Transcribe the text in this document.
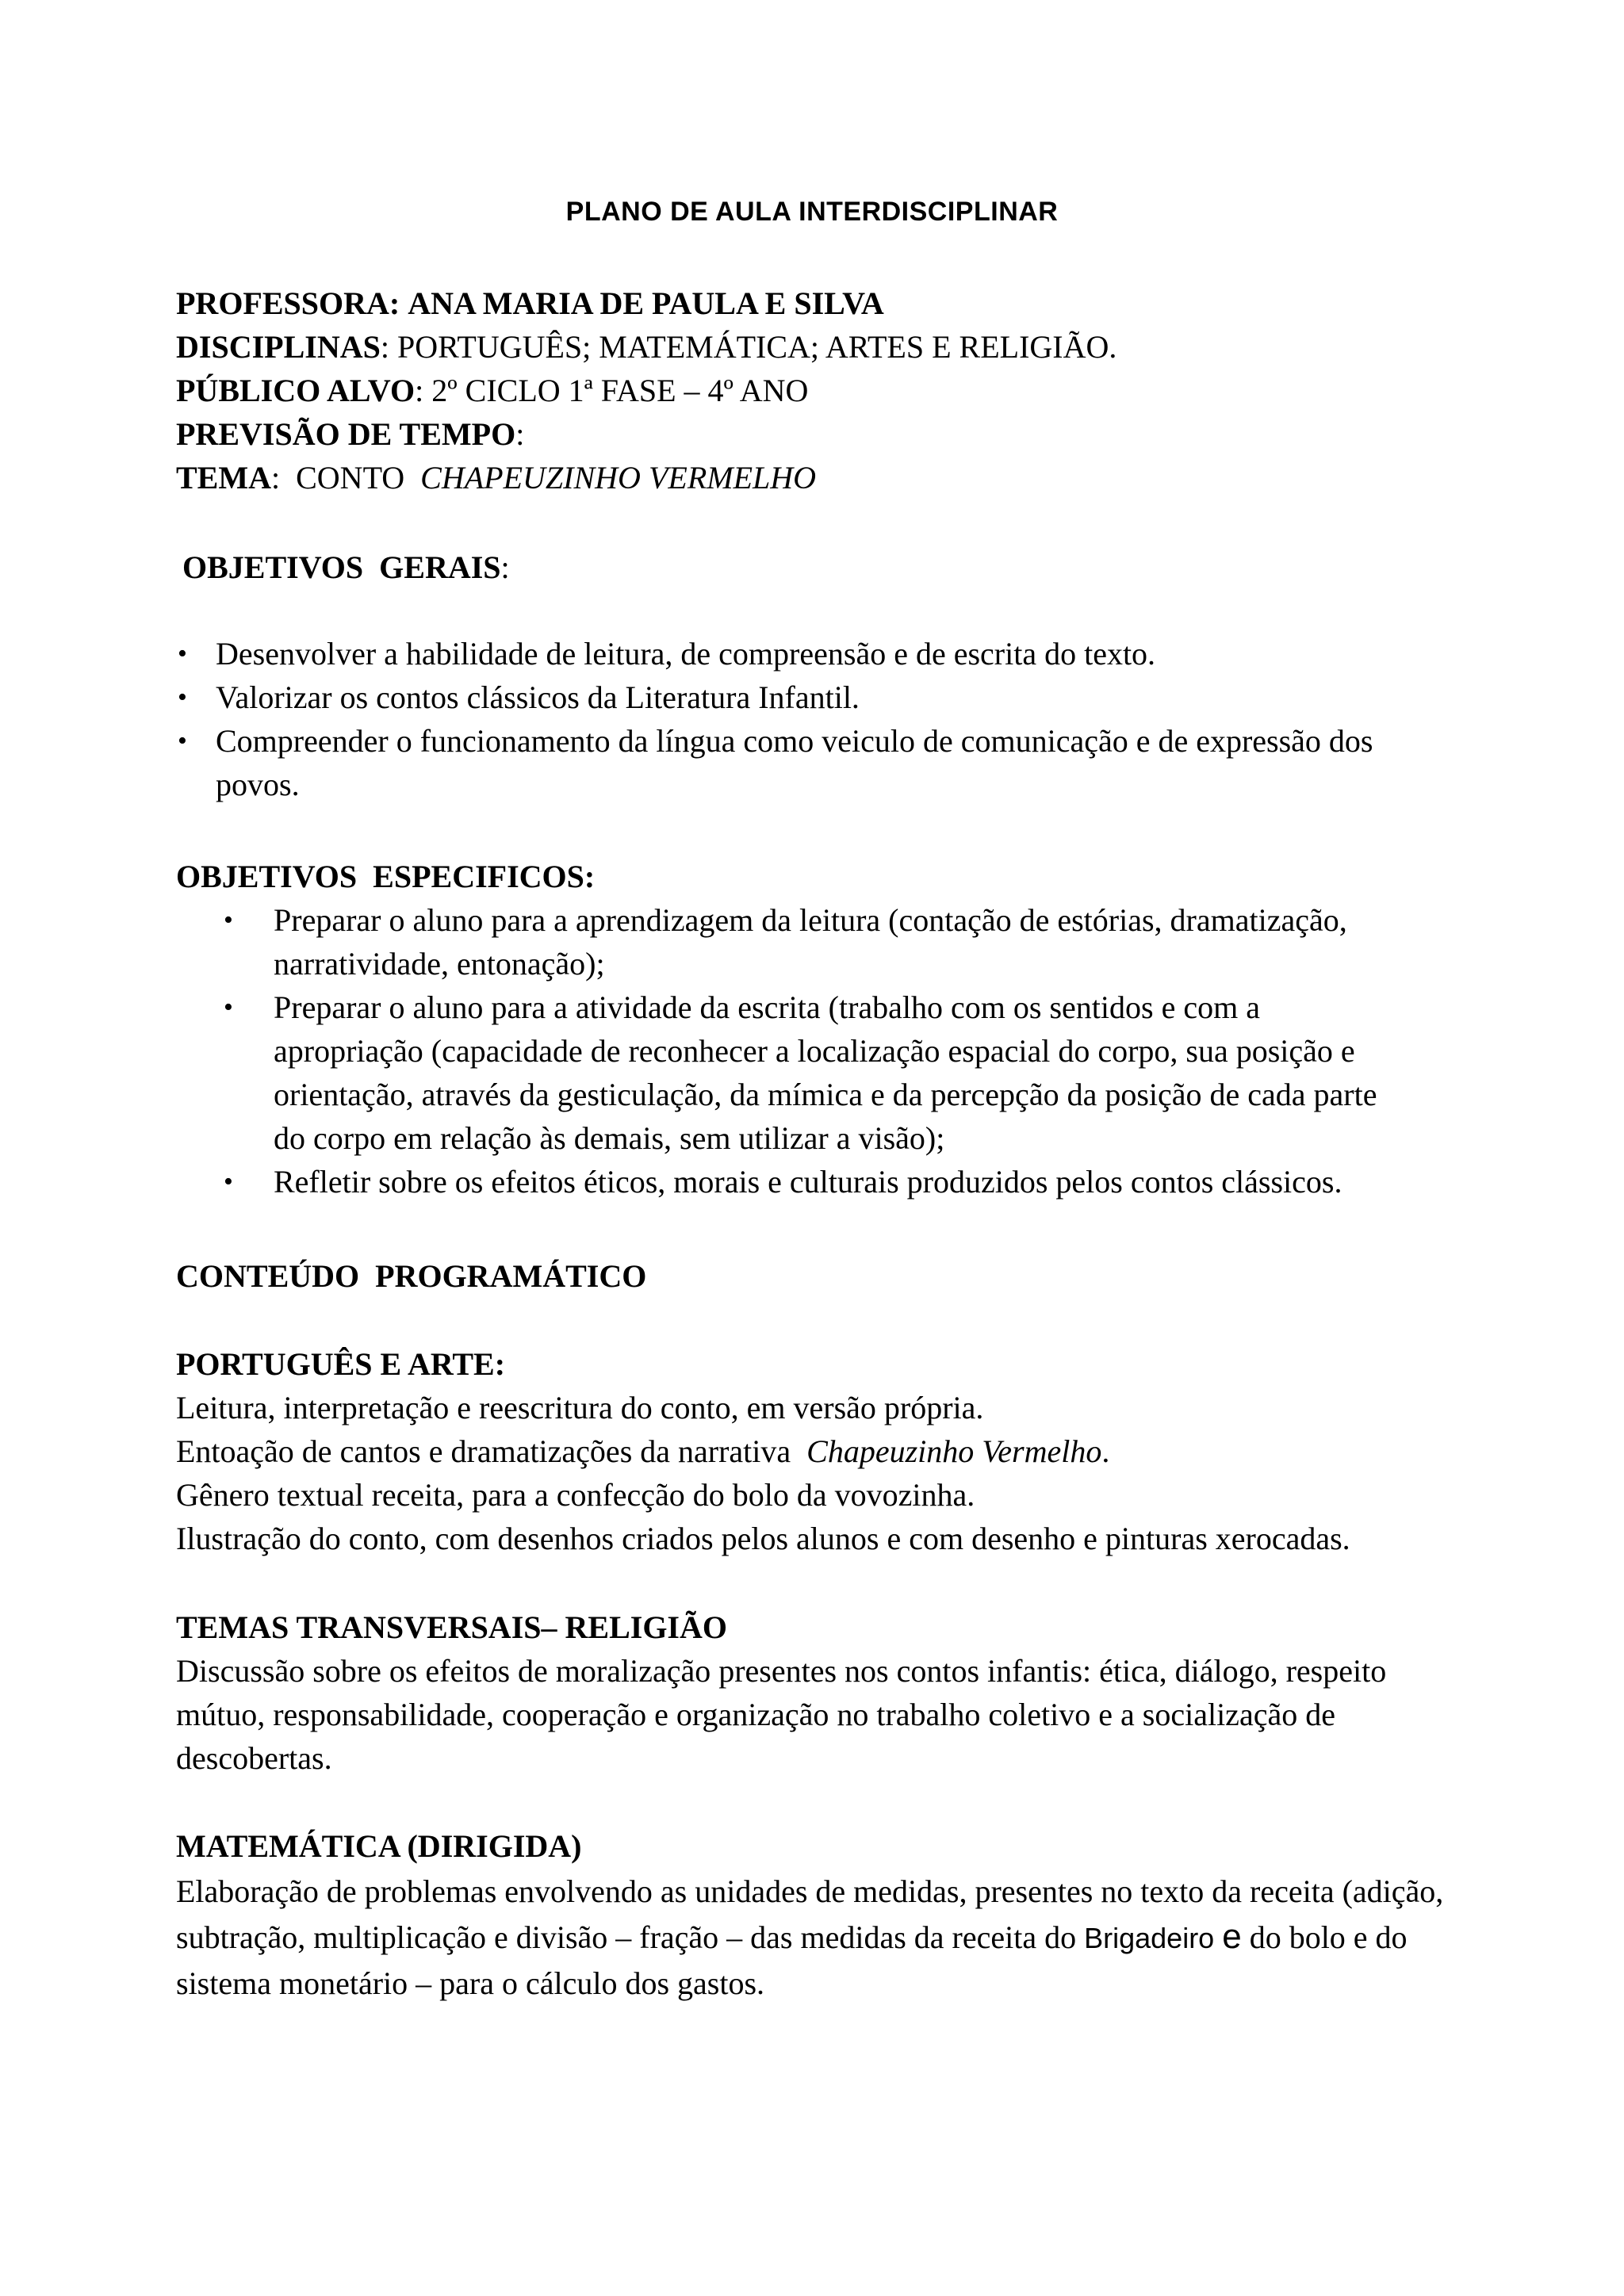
PLANO DE AULA INTERDISCIPLINAR
PROFESSORA: ANA MARIA DE PAULA E SILVA
DISCIPLINAS: PORTUGUÊS; MATEMÁTICA; ARTES E RELIGIÃO.
PÚBLICO ALVO: 2º CICLO 1ª FASE – 4º ANO
PREVISÃO DE TEMPO:
TEMA:  CONTO  CHAPEUZINHO VERMELHO
OBJETIVOS  GERAIS:
• Desenvolver a habilidade de leitura, de compreensão e de escrita do texto.
• Valorizar os contos clássicos da Literatura Infantil.
• Compreender o funcionamento da língua como veiculo de comunicação e de expressão dos povos.
OBJETIVOS  ESPECIFICOS:
• Preparar o aluno para a aprendizagem da leitura (contação de estórias, dramatização, narratividade, entonação);
• Preparar o aluno para a atividade da escrita (trabalho com os sentidos e com a apropriação (capacidade de reconhecer a localização espacial do corpo, sua posição e orientação, através da gesticulação, da mímica e da percepção da posição de cada parte do corpo em relação às demais, sem utilizar a visão);
• Refletir sobre os efeitos éticos, morais e culturais produzidos pelos contos clássicos.
CONTEÚDO  PROGRAMÁTICO
PORTUGUÊS E ARTE:
Leitura, interpretação e reescritura do conto, em versão própria.
Entoação de cantos e dramatizações da narrativa  Chapeuzinho Vermelho.
Gênero textual receita, para a confecção do bolo da vovozinha.
Ilustração do conto, com desenhos criados pelos alunos e com desenho e pinturas xerocadas.
TEMAS TRANSVERSAIS– RELIGIÃO
Discussão sobre os efeitos de moralização presentes nos contos infantis: ética, diálogo, respeito mútuo, responsabilidade, cooperação e organização no trabalho coletivo e a socialização de descobertas.
MATEMÁTICA (DIRIGIDA)
Elaboração de problemas envolvendo as unidades de medidas, presentes no texto da receita (adição, subtração, multiplicação e divisão – fração – das medidas da receita do Brigadeiro e do bolo e do sistema monetário – para o cálculo dos gastos.
